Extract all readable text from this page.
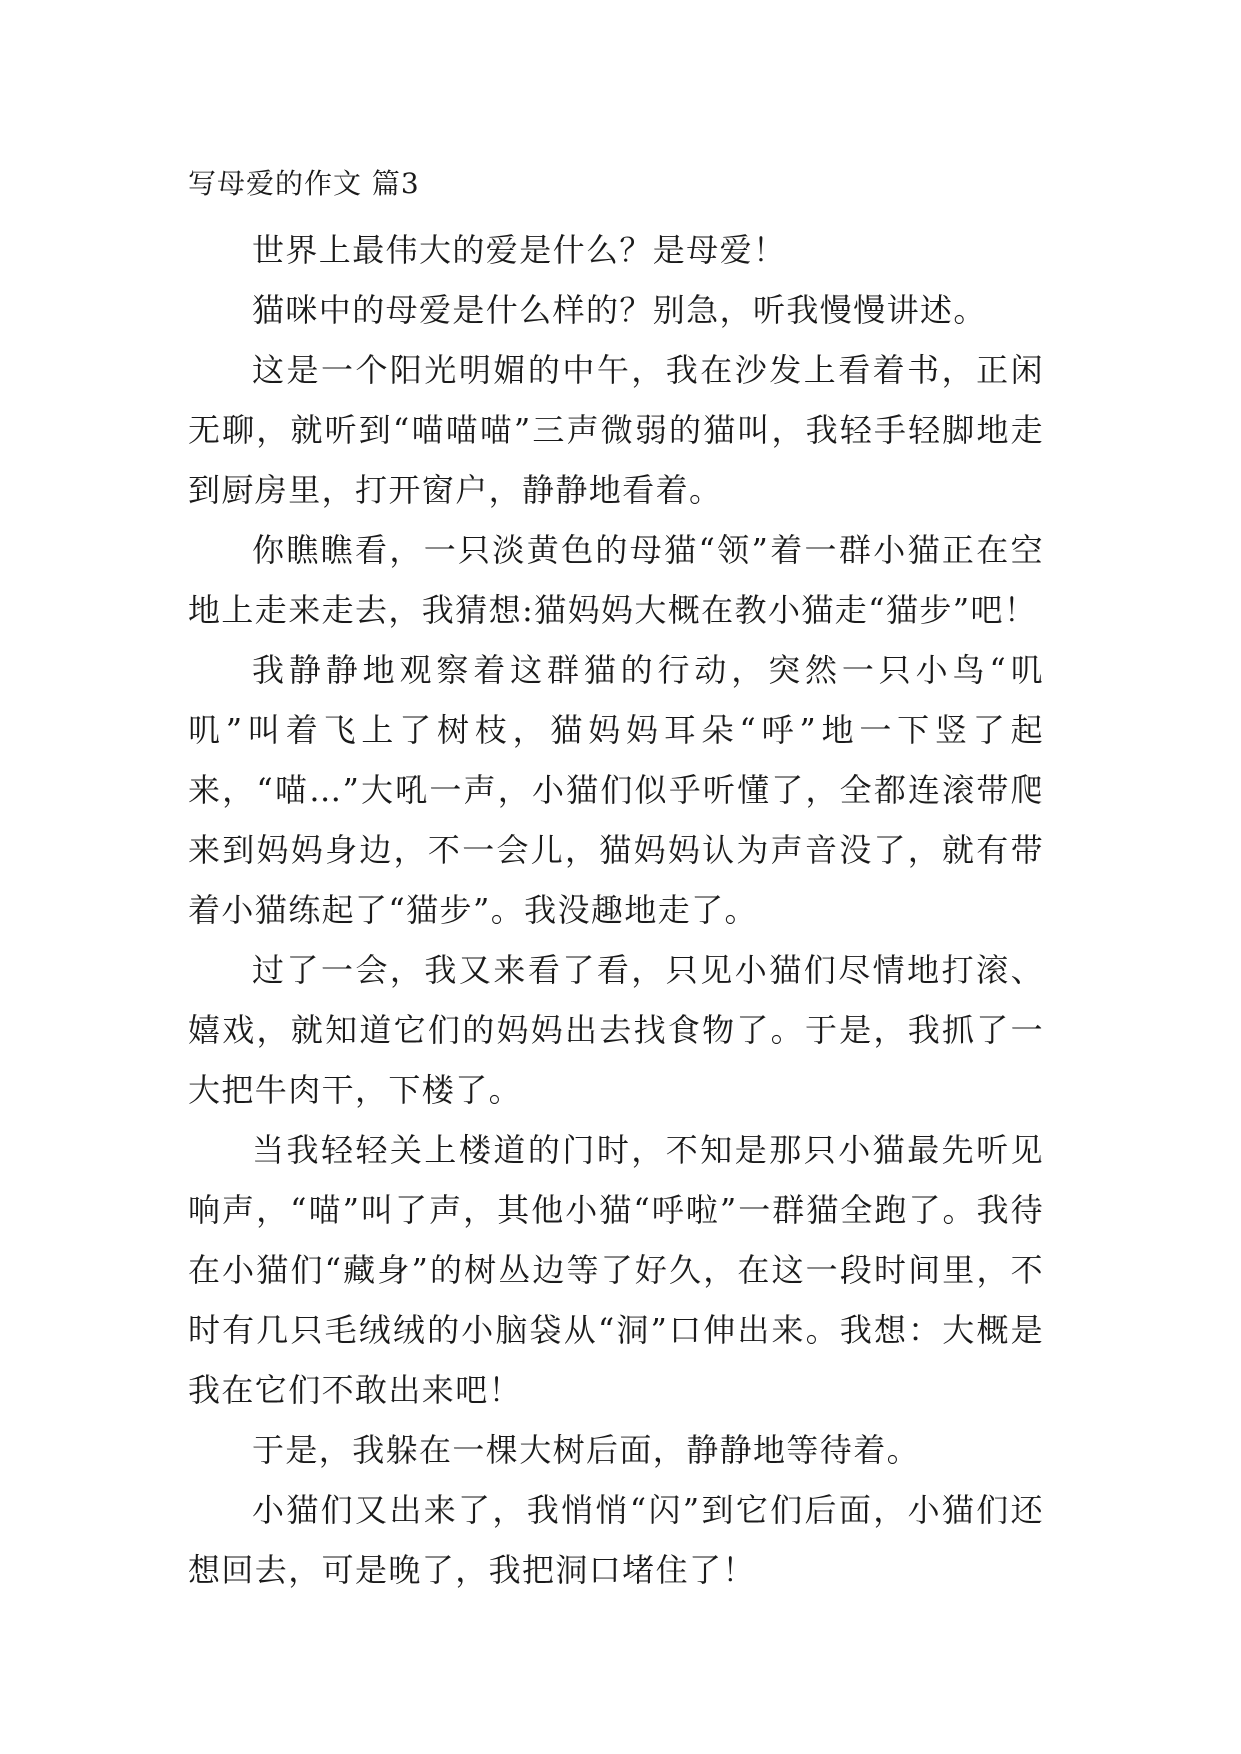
写母爱的作文 篇3

世界上最伟大的爱是什么？是母爱！

猫咪中的母爱是什么样的？别急，听我慢慢讲述。

这是一个阳光明媚的中午，我在沙发上看着书，正闲无聊，就听到“喵喵喵”三声微弱的猫叫，我轻手轻脚地走到厨房里，打开窗户，静静地看着。

你瞧瞧看，一只淡黄色的母猫“领”着一群小猫正在空地上走来走去，我猜想:猫妈妈大概在教小猫走“猫步”吧！

我静静地观察着这群猫的行动，突然一只小鸟“叽叽”叫着飞上了树枝，猫妈妈耳朵“呼”地一下竖了起来，“喵…”大吼一声，小猫们似乎听懂了，全都连滚带爬来到妈妈身边，不一会儿，猫妈妈认为声音没了，就有带着小猫练起了“猫步”。我没趣地走了。

过了一会，我又来看了看，只见小猫们尽情地打滚、嬉戏，就知道它们的妈妈出去找食物了。于是，我抓了一大把牛肉干，下楼了。

当我轻轻关上楼道的门时，不知是那只小猫最先听见响声，“喵”叫了声，其他小猫“呼啦”一群猫全跑了。我待在小猫们“藏身”的树丛边等了好久，在这一段时间里，不时有几只毛绒绒的小脑袋从“洞”口伸出来。我想：大概是我在它们不敢出来吧！

于是，我躲在一棵大树后面，静静地等待着。

小猫们又出来了，我悄悄“闪”到它们后面，小猫们还想回去，可是晚了，我把洞口堵住了！
